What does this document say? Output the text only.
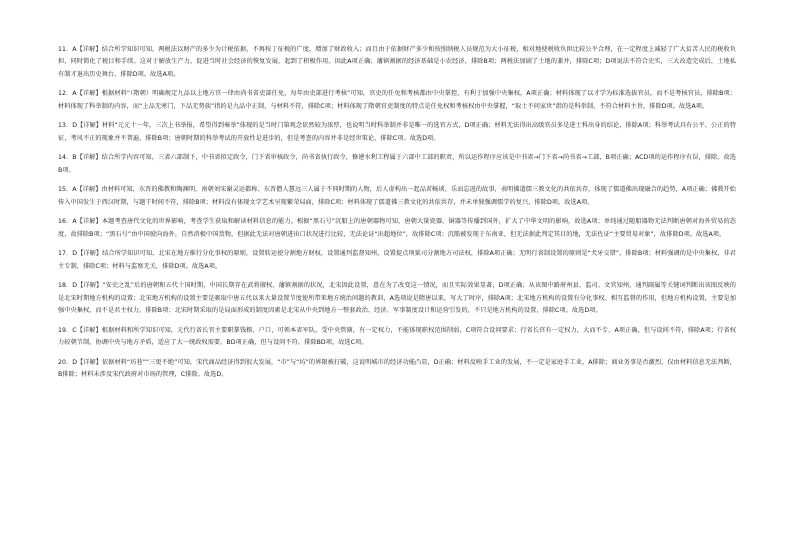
11．A【详解】结合所学知识可知，两税法以财产的多少为计税依据，不再按丁征税的广度，增加了财政收入；而且由于依据财产多少和按照纳税人员规范为大小征税，相对地使税收负担比较公平合理，在一定程度上减轻了广大贫苦人民的税收负担，同时简化了税目和手续。这对于解放生产力，促进当时社会经济的恢复发展，起到了积极作用。因此A项正确；藩镇割据的经济基础是小农经济，排除B项；两税法加剧了土地的兼并，排除C项；D项说法不符合史实，三大改造完成后，土地私有制才退出历史舞台，排除D项。故选A项。

12．A【详解】根据材料“（隋朝）明确规定九品以上地方官一律由尚书省吏部任免，每年由吏部进行考核”可知，官吏的任免和考核都由中央掌控，有利于加强中央集权，A项正确；材料体现了以才学为标准选拔官员，而不是考核官员，排除B项；材料体现了科举制的内容，而“上品无寒门，下品无势族”指的是九品中正制，与材料不符，排除C项；材料体现了隋朝官吏制度的特点是任免权和考核权由中央掌握，“取士不问家世”指的是科举制，不符合材料主旨，排除D项。故选A项。

13．D【详解】材料“元元十一年，三次上书举报，希望得到奏举”体现的是当时门第观念依然较为浓厚，也说明当时科举制并非是唯一的选官方式，D项正确；材料无法得出高级官员多是进士科出身的结论，排除A项；科举考试具有公平、公正的特征，考风不正的现象并不普遍，排除B项；唐朝时期的科举考试的开放性是进步的，但是考查的内容并非是经世策论，排除C项。故选D项。

14．B【详解】结合所学内容可知，三省六部制下，中书省拟定政令，门下省审核政令，尚书省执行政令，修建水利工程属于六部中工部的职责，所以运作程序应该是中书省→门下省→尚书省→工部，B项正确；ACD项的运作程序有误，排除。故选B项。

15．A【详解】由材料可知，东晋的佛教和陶渊明、南朝刘宋谢灵运都称、东晋僧人慧远三人属于不同时期的人物，后人虚构出一起品茗畅谈、乐而忘返的故事，表明佛道儒三教文化的共依共存，体现了儒道佛出现融合的趋势，A项正确；佛教开始传入中国发生于西汉时期，与题干时间不符，排除B项；材料没有体现文学艺术呈现繁荣局面，排除C项；材料体现了儒道佛三教文化的共依共存，并未单独强调儒学的复兴，排除D项。故选A项。

16．A【详解】本题考查唐代文化的世界影响，考查学生获取和解读材料信息的能力。根据“黑石号”沉船上的唐朝器物可知，唐朝大量瓷器、铜器等传播到国外，扩大了中华文明的影响，故选A项；单纯通过随船器物无法判断唐朝对海外贸易的态度，故排除B项；“黑石号”由中国驶向海外，自然消极中国货物，但据此无法对唐朝进出口状况进行比较，无法论证“出超地位”，故排除C项；沉船被发现于东南亚，但无法据此判定其目的地，无法佐证“主要贸易对象”，故排除D项。故选A项。

17．D【详解】结合所学知识可知，北宋在地方推行分化事权的原则，设置转运使分割地方财权，设置通判监督知州，设置提点刑狱司分割地方司法权，排除A项正确；无明行省制设置的原则是“犬牙交错”，排除B项；材料强调的是中央集权，非君主专制，排除C项；材料与监察无关，排除D项。故选A项。

18．D【详解】“安史之乱”后的唐朝和五代十国时期，中国长期存在武将擅权、藩镇割据的状况，北宋因此设置，意在为了改变这一情况，而且实际效果显著，D项正确；从该图中路府州县、监司、文官知州、通判副属等关键词判断出该图反映的是北宋时期地方机构的设置；北宋地方机构的设置主要是吸取中唐五代以来大量设置节度使所带来地方统治问题的教训，A选项说是隋唐以来，写大了时序，排除A项；北宋地方机构的设置有分化事权、相互监督的作用，但地方机构设置，主要是加强中央集权，而不是君主权力，排除B项；北宋时期采取的是局面形成的制度因素是北宋从中央到地方一整套政治、经济、军事制度设计和运营引发的，不只是地方机构的设置，排除C项。故选D项。

19．C【详解】根据材料和所学知识可知，元代行省长官主要职掌钱粮、户口，可领本省军队，受中央管辖，有一定权力，不能体现职权范围削弱，C项符合设问要求；行省长官有一定权力，大而不专，A项正确，但与设问不符，排除A项；行省权力较朝节制，协调中央与地方矛盾，适应了大一统政权需要，BD项正确，但与设问不符，排除BD项。故选C项。

20．D【详解】依据材料“坊巷”“三更不绝”可知，宋代商品经济得到很大发展，“市”与“坊”的界限被打破，这说明城市的经济功能凸显，D正确；材料反映手工业的发展，不一定是家庭手工业，A排除；商业务事是否激烈，仅由材料信息无法判断，B排除；材料未涉及宋代政府对市场的管理，C排除。故选D。
